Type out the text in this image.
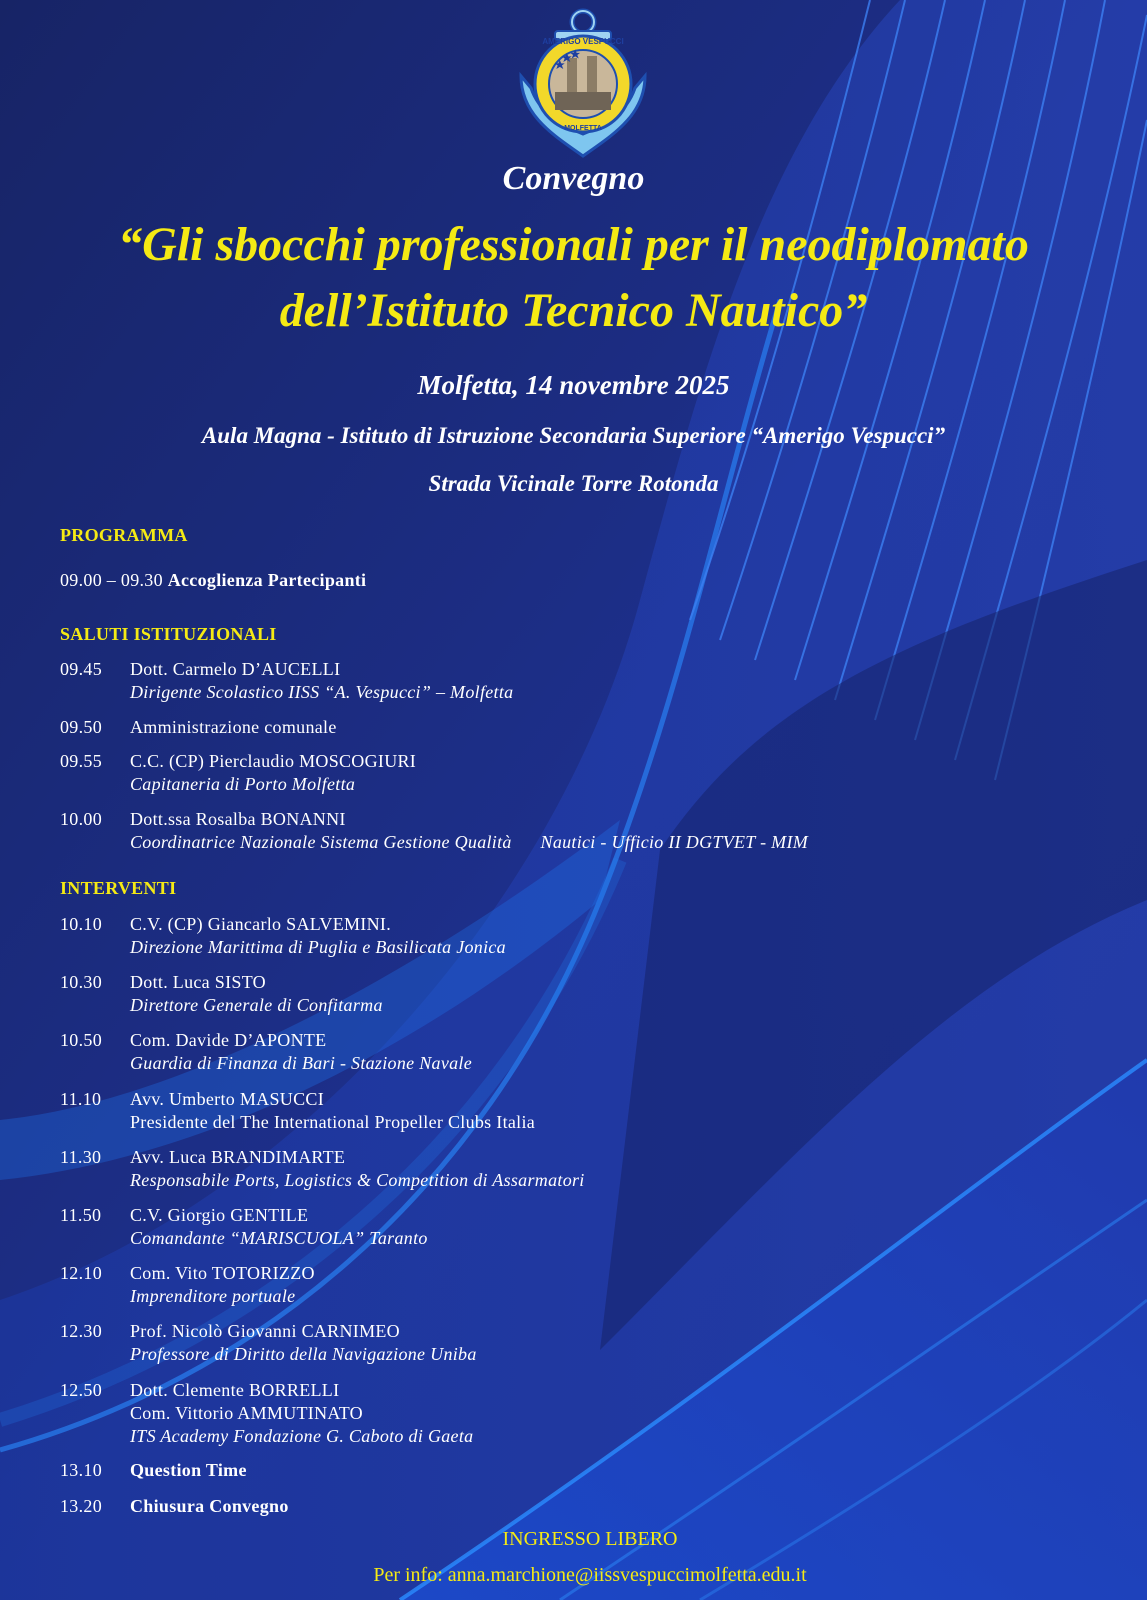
AMERIGO VESPUCCI
MOLFETTA
Convegno
“Gli sbocchi professionali per il neodiplomato
dell’Istituto Tecnico Nautico”
Molfetta, 14 novembre 2025
Aula Magna - Istituto di Istruzione Secondaria Superiore “Amerigo Vespucci”
Strada Vicinale Torre Rotonda
PROGRAMMA
09.00 – 09.30 Accoglienza Partecipanti
SALUTI ISTITUZIONALI
09.45	Dott. Carmelo D’AUCELLI
Dirigente Scolastico IISS “A. Vespucci” – Molfetta
09.50	Amministrazione comunale
09.55	C.C. (CP) Pierclaudio MOSCOGIURI
Capitaneria di Porto Molfetta
10.00	Dott.ssa Rosalba BONANNI
Coordinatrice Nazionale Sistema Gestione Qualità      Nautici - Ufficio II DGTVET - MIM
INTERVENTI
10.10	C.V. (CP) Giancarlo SALVEMINI.
Direzione Marittima di Puglia e Basilicata Jonica
10.30	Dott. Luca SISTO
Direttore Generale di Confitarma
10.50	Com. Davide D’APONTE
Guardia di Finanza di Bari - Stazione Navale
11.10	Avv. Umberto MASUCCI
Presidente del The International Propeller Clubs Italia
11.30	Avv. Luca BRANDIMARTE
Responsabile Ports, Logistics & Competition di Assarmatori
11.50	C.V. Giorgio GENTILE
Comandante “MARISCUOLA” Taranto
12.10	Com. Vito TOTORIZZO
Imprenditore portuale
12.30	Prof. Nicolò Giovanni CARNIMEO
Professore di Diritto della Navigazione Uniba
12.50	Dott. Clemente BORRELLI
Com. Vittorio AMMUTINATO
ITS Academy Fondazione G. Caboto di Gaeta
13.10	Question Time
13.20	Chiusura Convegno
INGRESSO LIBERO
Per info: anna.marchione@iissvespuccimolfetta.edu.it
